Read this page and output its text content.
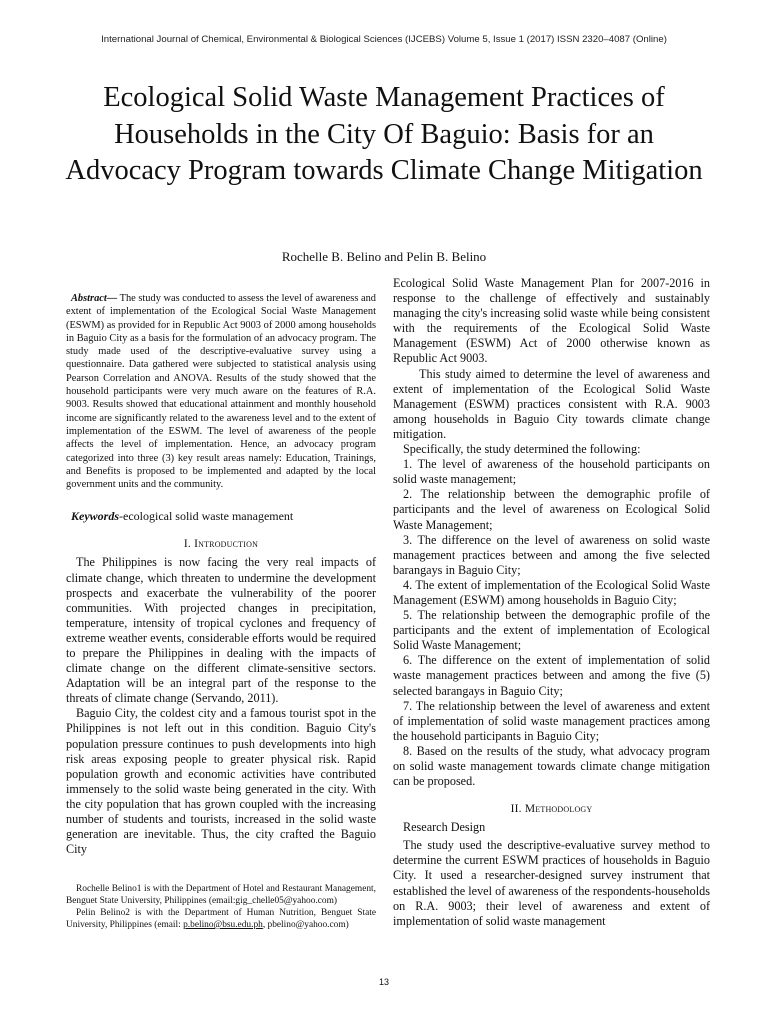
International Journal of Chemical, Environmental & Biological Sciences (IJCEBS) Volume 5, Issue 1 (2017) ISSN 2320–4087 (Online)
Ecological Solid Waste Management Practices of Households in the City Of Baguio: Basis for an Advocacy Program towards Climate Change Mitigation
Rochelle B. Belino and Pelin B. Belino

Abstract— The study was conducted to assess the level of awareness and extent of implementation of the Ecological Social Waste Management (ESWM) as provided for in Republic Act 9003 of 2000 among households in Baguio City as a basis for the formulation of an advocacy program. The study made used of the descriptive-evaluative survey using a questionnaire. Data gathered were subjected to statistical analysis using Pearson Correlation and ANOVA. Results of the study showed that the household participants were very much aware on the features of R.A. 9003. Results showed that educational attainment and monthly household income are significantly related to the awareness level and to the extent of implementation of the ESWM. The level of awareness of the people affects the level of implementation. Hence, an advocacy program categorized into three (3) key result areas namely: Education, Trainings, and Benefits is proposed to be implemented and adapted by the local government units and the community.

Keywords-ecological solid waste management

I. Introduction

The Philippines is now facing the very real impacts of climate change, which threaten to undermine the development prospects and exacerbate the vulnerability of the poorer communities. With projected changes in precipitation, temperature, intensity of tropical cyclones and frequency of extreme weather events, considerable efforts would be required to prepare the Philippines in dealing with the impacts of climate change on the different climate-sensitive sectors. Adaptation will be an integral part of the response to the threats of climate change (Servando, 2011).

Baguio City, the coldest city and a famous tourist spot in the Philippines is not left out in this condition. Baguio City's population pressure continues to push developments into high risk areas exposing people to greater physical risk. Rapid population growth and economic activities have contributed immensely to the solid waste being generated in the city. With the city population that has grown coupled with the increasing number of students and tourists, increased in the solid waste generation are inevitable. Thus, the city crafted the Baguio City

Rochelle Belino1 is with the Department of Hotel and Restaurant Management, Benguet State University, Philippines (email:gig_chelle05@yahoo.com)

Pelin Belino2 is with the Department of Human Nutrition, Benguet State University, Philippines (email: p.belino@bsu.edu.ph, pbelino@yahoo.com)

Ecological Solid Waste Management Plan for 2007-2016 in response to the challenge of effectively and sustainably managing the city's increasing solid waste while being consistent with the requirements of the Ecological Solid Waste Management (ESWM) Act of 2000 otherwise known as Republic Act 9003.

This study aimed to determine the level of awareness and extent of implementation of the Ecological Solid Waste Management (ESWM) practices consistent with R.A. 9003 among households in Baguio City towards climate change mitigation.

Specifically, the study determined the following:

1. The level of awareness of the household participants on solid waste management;

2. The relationship between the demographic profile of participants and the level of awareness on Ecological Solid Waste Management;

3. The difference on the level of awareness on solid waste management practices between and among the five selected barangays in Baguio City;

4. The extent of implementation of the Ecological Solid Waste Management (ESWM) among households in Baguio City;

5. The relationship between the demographic profile of the participants and the extent of implementation of Ecological Solid Waste Management;

6. The difference on the extent of implementation of solid waste management practices between and among the five (5) selected barangays in Baguio City;

7. The relationship between the level of awareness and extent of implementation of solid waste management practices among the household participants in Baguio City;

8. Based on the results of the study, what advocacy program on solid waste management towards climate change mitigation can be proposed.

II. Methodology
Research Design

The study used the descriptive-evaluative survey method to determine the current ESWM practices of households in Baguio City. It used a researcher-designed survey instrument that established the level of awareness of the respondents-households on R.A. 9003; their level of awareness and extent of implementation of solid waste management

13
